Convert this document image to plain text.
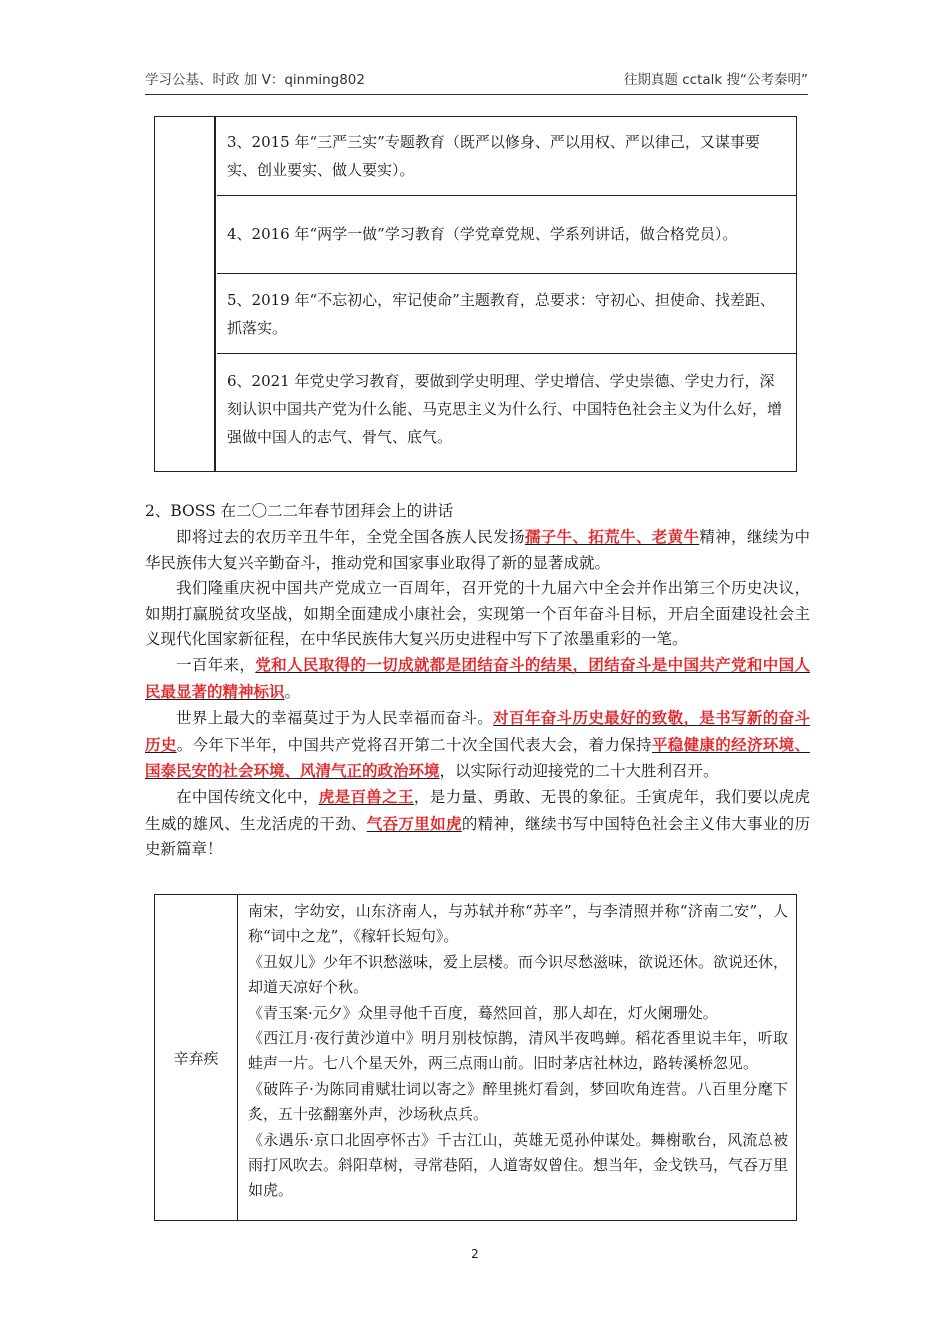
学习公基、时政 加 V：qinming802	往期真题 cctalk 搜“公考秦明”
3、2015 年“三严三实”专题教育（既严以修身、严以用权、严以律己，又谋事要实、创业要实、做人要实）。
4、2016 年“两学一做”学习教育（学党章党规、学系列讲话，做合格党员）。
5、2019 年“不忘初心，牢记使命”主题教育，总要求：守初心、担使命、找差距、抓落实。
6、2021 年党史学习教育，要做到学史明理、学史增信、学史崇德、学史力行，深刻认识中国共产党为什么能、马克思主义为什么行、中国特色社会主义为什么好，增强做中国人的志气、骨气、底气。

2、BOSS 在二〇二二年春节团拜会上的讲话

即将过去的农历辛丑牛年，全党全国各族人民发扬孺子牛、拓荒牛、老黄牛精神，继续为中华民族伟大复兴辛勤奋斗，推动党和国家事业取得了新的显著成就。

我们隆重庆祝中国共产党成立一百周年，召开党的十九届六中全会并作出第三个历史决议，如期打赢脱贫攻坚战，如期全面建成小康社会，实现第一个百年奋斗目标，开启全面建设社会主义现代化国家新征程，在中华民族伟大复兴历史进程中写下了浓墨重彩的一笔。

一百年来，党和人民取得的一切成就都是团结奋斗的结果，团结奋斗是中国共产党和中国人民最显著的精神标识。

世界上最大的幸福莫过于为人民幸福而奋斗。对百年奋斗历史最好的致敬，是书写新的奋斗历史。今年下半年，中国共产党将召开第二十次全国代表大会，着力保持平稳健康的经济环境、国泰民安的社会环境、风清气正的政治环境，以实际行动迎接党的二十大胜利召开。

在中国传统文化中，虎是百兽之王，是力量、勇敢、无畏的象征。壬寅虎年，我们要以虎虎生威的雄风、生龙活虎的干劲、气吞万里如虎的精神，继续书写中国特色社会主义伟大事业的历史新篇章！

辛弃疾

南宋，字幼安，山东济南人，与苏轼并称“苏辛”，与李清照并称“济南二安”，人称“词中之龙”，《稼轩长短句》。

《丑奴儿》少年不识愁滋味，爱上层楼。而今识尽愁滋味，欲说还休。欲说还休，却道天凉好个秋。

《青玉案·元夕》众里寻他千百度，蓦然回首，那人却在，灯火阑珊处。

《西江月·夜行黄沙道中》明月别枝惊鹊，清风半夜鸣蝉。稻花香里说丰年，听取蛙声一片。七八个星天外，两三点雨山前。旧时茅店社林边，路转溪桥忽见。

《破阵子·为陈同甫赋壮词以寄之》醉里挑灯看剑，梦回吹角连营。八百里分麾下炙，五十弦翻塞外声，沙场秋点兵。

《永遇乐·京口北固亭怀古》千古江山，英雄无觅孙仲谋处。舞榭歌台，风流总被雨打风吹去。斜阳草树，寻常巷陌，人道寄奴曾住。想当年，金戈铁马，气吞万里如虎。

2
